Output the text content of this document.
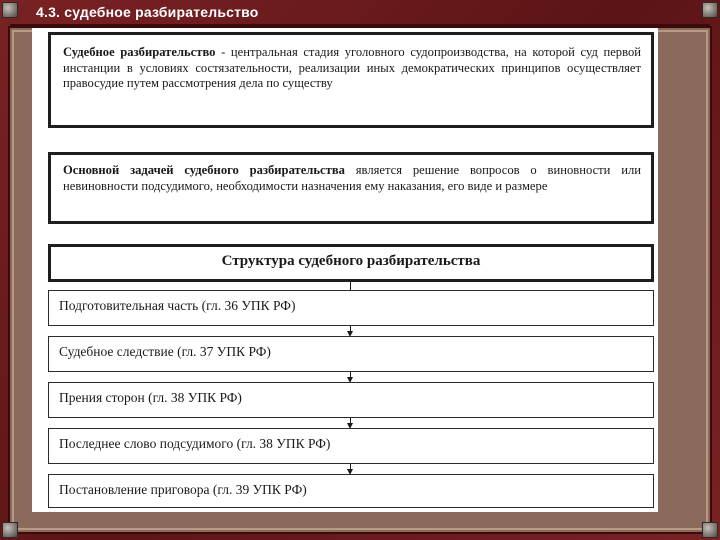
4.3. судебное разбирательство

Судебное разбирательство - центральная стадия уголовного судопроизводства, на которой суд первой инстанции в условиях состязательности, реализации иных демократических принципов осуществляет правосудие путем рассмотрения дела по существу

Основной задачей судебного разбирательства является решение вопросов о виновности или невиновности подсудимого, необходимости назначения ему наказания, его виде и размере

Структура судебного разбирательства
Подготовительная часть (гл. 36 УПК РФ)
Судебное следствие (гл. 37 УПК РФ)
Прения сторон (гл. 38 УПК РФ)
Последнее слово подсудимого (гл. 38 УПК РФ)
Постановление приговора (гл. 39 УПК РФ)
